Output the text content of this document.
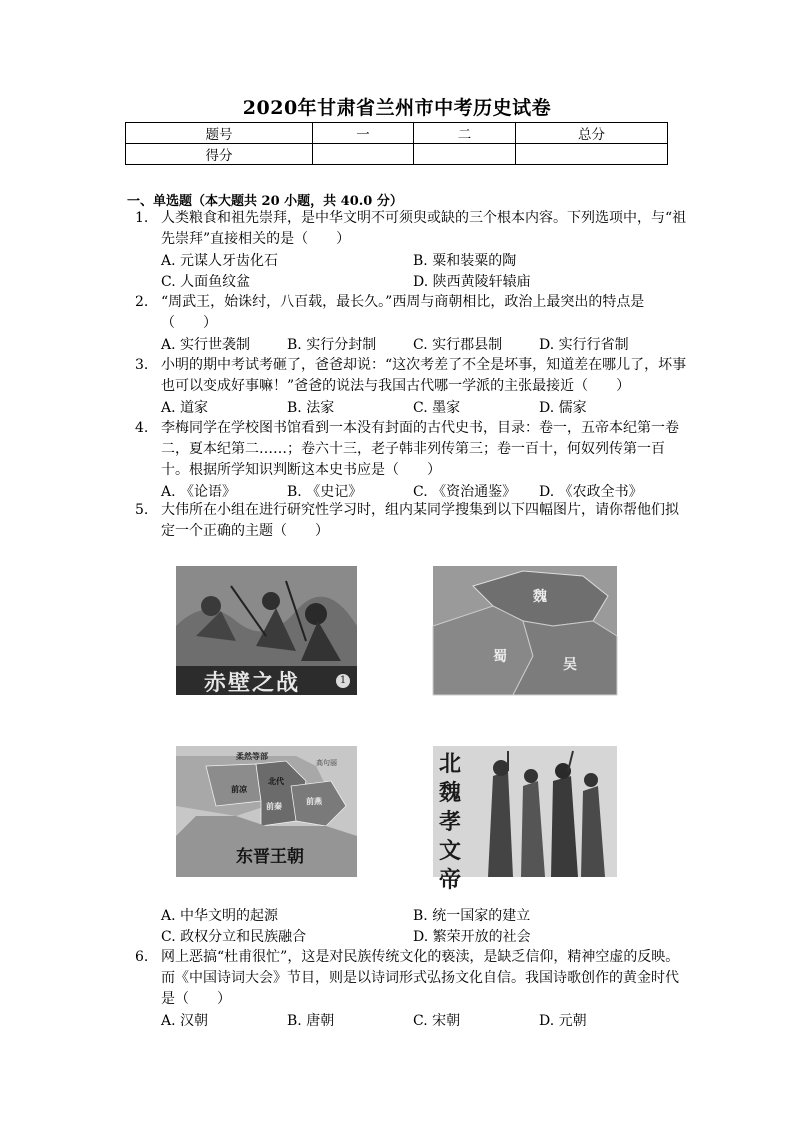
2020年甘肃省兰州市中考历史试卷
题号	一	二	总分
得分			
一、单选题（本大题共 20 小题，共 40.0 分）
1. 人类粮食和祖先崇拜，是中华文明不可须臾或缺的三个根本内容。下列选项中，与“祖先崇拜”直接相关的是（　　）
A. 元谋人牙齿化石	B. 粟和装粟的陶
C. 人面鱼纹盆	D. 陕西黄陵轩辕庙
2. “周武王，始诛纣，八百载，最长久。”西周与商朝相比，政治上最突出的特点是（　　）
A. 实行世袭制	B. 实行分封制	C. 实行郡县制	D. 实行行省制
3. 小明的期中考试考砸了，爸爸却说：“这次考差了不全是坏事，知道差在哪儿了，坏事也可以变成好事嘛！”爸爸的说法与我国古代哪一学派的主张最接近（　　）
A. 道家	B. 法家	C. 墨家	D. 儒家
4. 李梅同学在学校图书馆看到一本没有封面的古代史书，目录：卷一，五帝本纪第一卷二，夏本纪第二……；卷六十三，老子韩非列传第三；卷一百十，何奴列传第一百十。根据所学知识判断这本史书应是（　　）
A. 《论语》	B. 《史记》	C. 《资治通鉴》 D. 《农政全书》
5. 大伟所在小组在进行研究性学习时，组内某同学搜集到以下四幅图片，请你帮他们拟定一个正确的主题（　　）
赤壁之战	1
魏
蜀	吴
柔然等部
北代
前凉
前秦	前燕
高句丽
东晋王朝
北魏孝文帝
A. 中华文明的起源	B. 统一国家的建立
C. 政权分立和民族融合	D. 繁荣开放的社会
6. 网上恶搞“杜甫很忙”，这是对民族传统文化的亵渎，是缺乏信仰，精神空虚的反映。而《中国诗词大会》节目，则是以诗词形式弘扬文化自信。我国诗歌创作的黄金时代是（　　）
A. 汉朝	B. 唐朝	C. 宋朝	D. 元朝
